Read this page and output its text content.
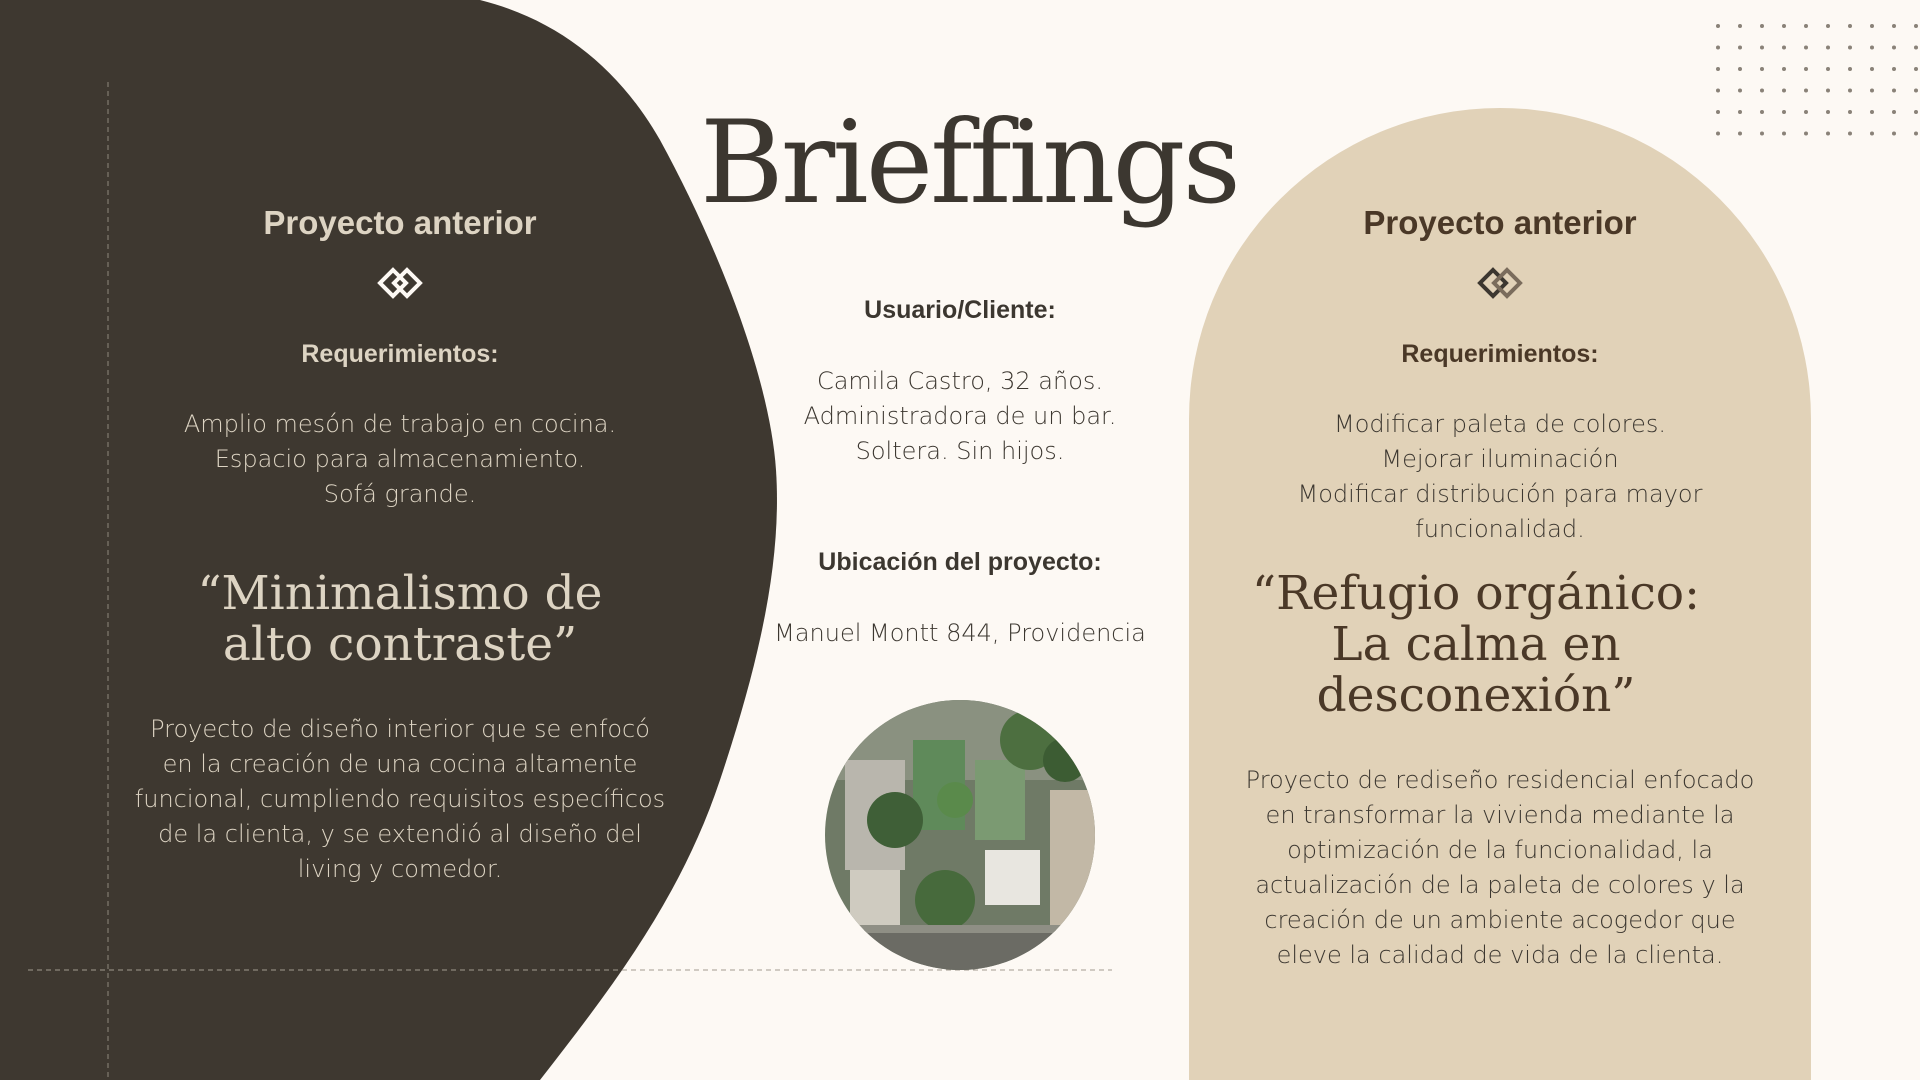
Brieffings
Proyecto anterior
Requerimientos:
Amplio mesón de trabajo en cocina.
Espacio para almacenamiento.
Sofá grande.
“Minimalismo de
alto contraste”
Proyecto de diseño interior que se enfocó
en la creación de una cocina altamente
funcional, cumpliendo requisitos específicos
de la clienta, y se extendió al diseño del
living y comedor.
Usuario/Cliente:
Camila Castro, 32 años.
Administradora de un bar.
Soltera. Sin hijos.
Ubicación del proyecto:
Manuel Montt 844, Providencia
Proyecto anterior
Requerimientos:
Modificar paleta de colores.
Mejorar iluminación
Modificar distribución para mayor
funcionalidad.
“Refugio orgánico:
La calma en
desconexión”
Proyecto de rediseño residencial enfocado
en transformar la vivienda mediante la
optimización de la funcionalidad, la
actualización de la paleta de colores y la
creación de un ambiente acogedor que
eleve la calidad de vida de la clienta.
